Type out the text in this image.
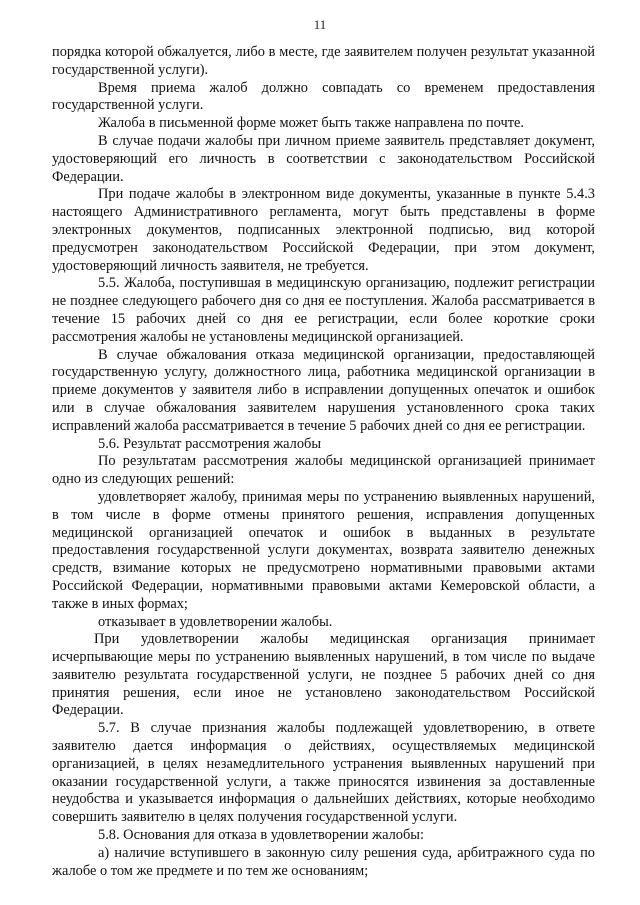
11

порядка которой обжалуется, либо в месте, где заявителем получен результат указанной государственной услуги).

Время приема жалоб должно совпадать со временем предоставления государственной услуги.

Жалоба в письменной форме может быть также направлена по почте.

В случае подачи жалобы при личном приеме заявитель представляет документ, удостоверяющий его личность в соответствии с законодательством Российской Федерации.

При подаче жалобы в электронном виде документы, указанные в пункте 5.4.3 настоящего Административного регламента, могут быть представлены в форме электронных документов, подписанных электронной подписью, вид которой предусмотрен законодательством Российской Федерации, при этом документ, удостоверяющий личность заявителя, не требуется.

5.5. Жалоба, поступившая в медицинскую организацию, подлежит регистрации не позднее следующего рабочего дня со дня ее поступления. Жалоба рассматривается в течение 15 рабочих дней со дня ее регистрации, если более короткие сроки рассмотрения жалобы не установлены медицинской организацией.

В случае обжалования отказа медицинской организации, предоставляющей государственную услугу, должностного лица, работника медицинской организации в приеме документов у заявителя либо в исправлении допущенных опечаток и ошибок или в случае обжалования заявителем нарушения установленного срока таких исправлений жалоба рассматривается в течение 5 рабочих дней со дня ее регистрации.

5.6. Результат рассмотрения жалобы

По результатам рассмотрения жалобы медицинской организацией принимает одно из следующих решений:

удовлетворяет жалобу, принимая меры по устранению выявленных нарушений, в том числе в форме отмены принятого решения, исправления допущенных медицинской организацией опечаток и ошибок в выданных в результате предоставления государственной услуги документах, возврата заявителю денежных средств, взимание которых не предусмотрено нормативными правовыми актами Российской Федерации, нормативными правовыми актами Кемеровской области, а также в иных формах;

отказывает в удовлетворении жалобы.

При удовлетворении жалобы медицинская организация принимает исчерпывающие меры по устранению выявленных нарушений, в том числе по выдаче заявителю результата государственной услуги, не позднее 5 рабочих дней со дня принятия решения, если иное не установлено законодательством Российской Федерации.

5.7. В случае признания жалобы подлежащей удовлетворению, в ответе заявителю дается информация о действиях, осуществляемых медицинской организацией, в целях незамедлительного устранения выявленных нарушений при оказании государственной услуги, а также приносятся извинения за доставленные неудобства и указывается информация о дальнейших действиях, которые необходимо совершить заявителю в целях получения государственной услуги.

5.8. Основания для отказа в удовлетворении жалобы:

а) наличие вступившего в законную силу решения суда, арбитражного суда по жалобе о том же предмете и по тем же основаниям;
